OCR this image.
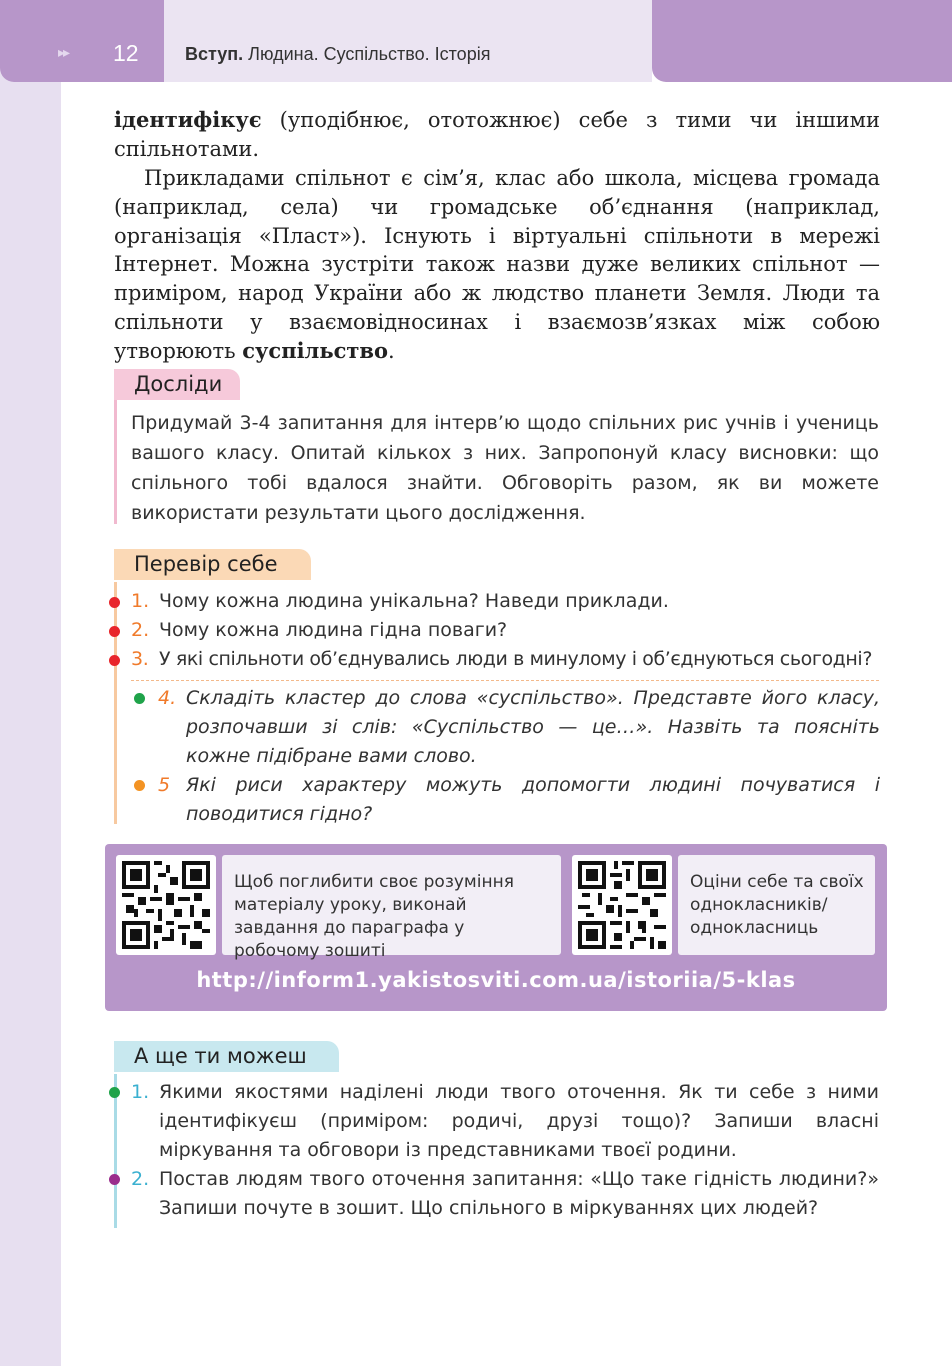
▸▸ 12	Вступ. Людина. Суспільство. Історія
ідентифікує (уподібнює, ототожнює) себе з тими чи іншими спільнотами.
Прикладами спільнот є сім’я, клас або школа, місцева громада (наприклад, села) чи громадське об’єднання (наприклад, організація «Пласт»). Існують і віртуальні спільноти в мережі Інтернет. Можна зустріти також назви дуже великих спільнот — приміром, народ України або ж людство планети Земля. Люди та спільноти у взаємовідносинах і взаємозв’язках між собою утворюють суспільство.
Досліди
Придумай 3-4 запитання для інтерв’ю щодо спільних рис учнів і учениць вашого класу. Опитай кількох з них. Запропонуй класу висновки: що спільного тобі вдалося знайти. Обговоріть разом, як ви можете використати результати цього дослідження.
Перевір себе
1. Чому кожна людина унікальна? Наведи приклади.
2. Чому кожна людина гідна поваги?
3. У які спільноти об’єднувались люди в минулому і об’єднуються сьогодні?
4. Складіть кластер до слова «суспільство». Представте його класу, розпочавши зі слів: «Суспільство — це…». Назвіть та поясніть кожне підібране вами слово.
5 Які риси характеру можуть допомогти людині почуватися і поводитися гідно?
Щоб поглибити своє розуміння матеріалу уроку, виконай завдання до параграфа у робочому зошиті
Оціни себе та своїх однокласників/ однокласниць
http://inform1.yakistosviti.com.ua/istoriia/5-klas
А ще ти можеш
1. Якими якостями наділені люди твого оточення. Як ти себе з ними ідентифікуєш (приміром: родичі, друзі тощо)? Запиши власні міркування та обговори із представниками твоєї родини.
2. Постав людям твого оточення запитання: «Що таке гідність людини?» Запиши почуте в зошит. Що спільного в міркуваннях цих людей?
